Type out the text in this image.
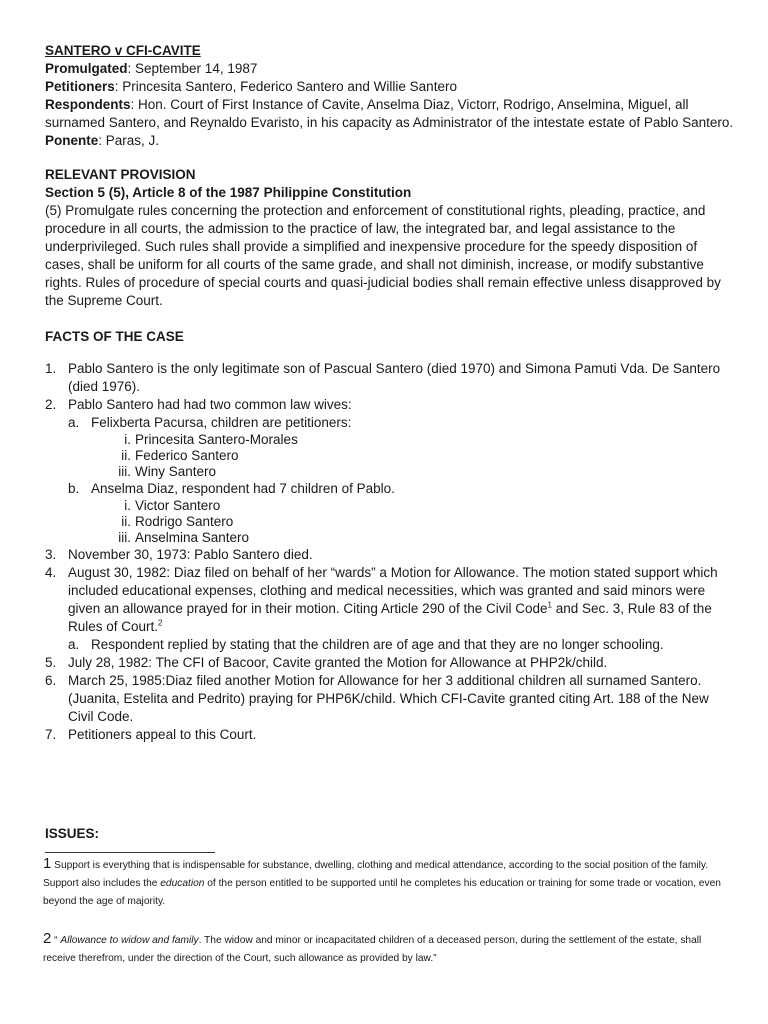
SANTERO v CFI-CAVITE

Promulgated: September 14, 1987

Petitioners: Princesita Santero, Federico Santero and Willie Santero

Respondents: Hon. Court of First Instance of Cavite, Anselma Diaz, Victorr, Rodrigo, Anselmina, Miguel, all surnamed Santero, and Reynaldo Evaristo, in his capacity as Administrator of the intestate estate of Pablo Santero.

Ponente: Paras, J.

RELEVANT PROVISION

Section 5 (5), Article 8 of the 1987 Philippine Constitution

(5) Promulgate rules concerning the protection and enforcement of constitutional rights, pleading, practice, and procedure in all courts, the admission to the practice of law, the integrated bar, and legal assistance to the underprivileged. Such rules shall provide a simplified and inexpensive procedure for the speedy disposition of cases, shall be uniform for all courts of the same grade, and shall not diminish, increase, or modify substantive rights. Rules of procedure of special courts and quasi-judicial bodies shall remain effective unless disapproved by the Supreme Court.

FACTS OF THE CASE

1. Pablo Santero is the only legitimate son of Pascual Santero (died 1970) and Simona Pamuti Vda. De Santero (died 1976).
2. Pablo Santero had had two common law wives:
a. Felixberta Pacursa, children are petitioners:
i. Princesita Santero-Morales
ii. Federico Santero
iii. Winy Santero
b. Anselma Diaz, respondent had 7 children of Pablo.
i. Victor Santero
ii. Rodrigo Santero
iii. Anselmina Santero
3. November 30, 1973: Pablo Santero died.
4. August 30, 1982: Diaz filed on behalf of her “wards” a Motion for Allowance. The motion stated support which included educational expenses, clothing and medical necessities, which was granted and said minors were given an allowance prayed for in their motion. Citing Article 290 of the Civil Code$^1$ and Sec. 3, Rule 83 of the Rules of Court.$^2$
a. Respondent replied by stating that the children are of age and that they are no longer schooling.
5. July 28, 1982: The CFI of Bacoor, Cavite granted the Motion for Allowance at PHP2k/child.
6. March 25, 1985:Diaz filed another Motion for Allowance for her 3 additional children all surnamed Santero. (Juanita, Estelita and Pedrito) praying for PHP6K/child. Which CFI-Cavite granted citing Art. 188 of the New Civil Code.
7. Petitioners appeal to this Court.

ISSUES:

1 Support is everything that is indispensable for substance, dwelling, clothing and medical attendance, according to the social position of the family. Support also includes the education of the person entitled to be supported until he completes his education or training for some trade or vocation, even beyond the age of majority.

2 “ Allowance to widow and family. The widow and minor or incapacitated children of a deceased person, during the settlement of the estate, shall receive therefrom, under the direction of the Court, such allowance as provided by law.”
